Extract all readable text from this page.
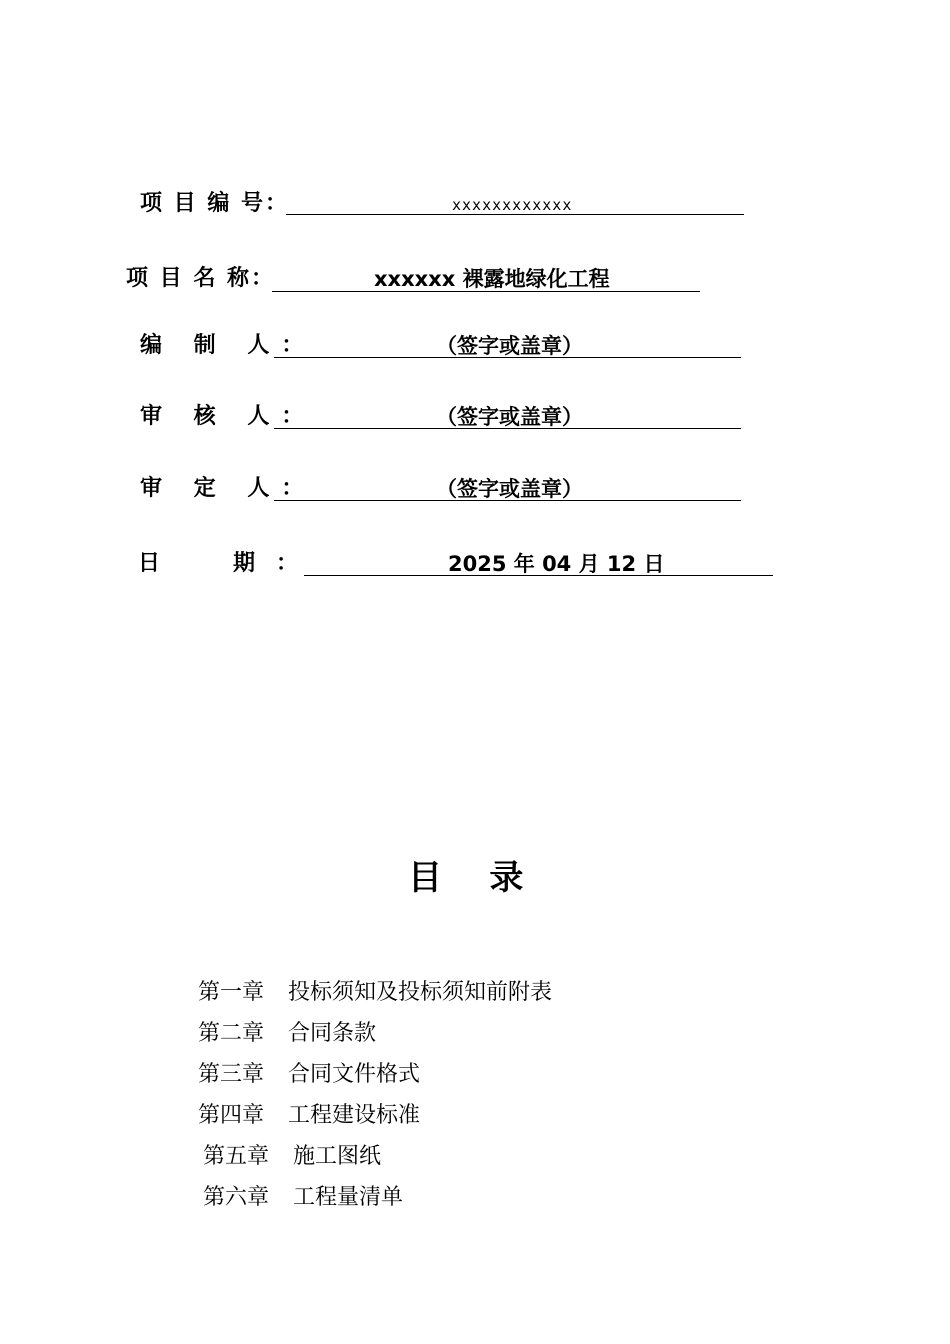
项 目 编 号：	xxxxxxxxxxxx
项 目 名 称：	xxxxxx 裸露地绿化工程
编 制 人：	（签字或盖章）
审 核 人：	（签字或盖章）
审 定 人：	（签字或盖章）
日	期 ：	2025 年 04 月 12 日
目    录
第一章 投标须知及投标须知前附表
第二章 合同条款
第三章 合同文件格式
第四章 工程建设标准
第五章 施工图纸
第六章 工程量清单
